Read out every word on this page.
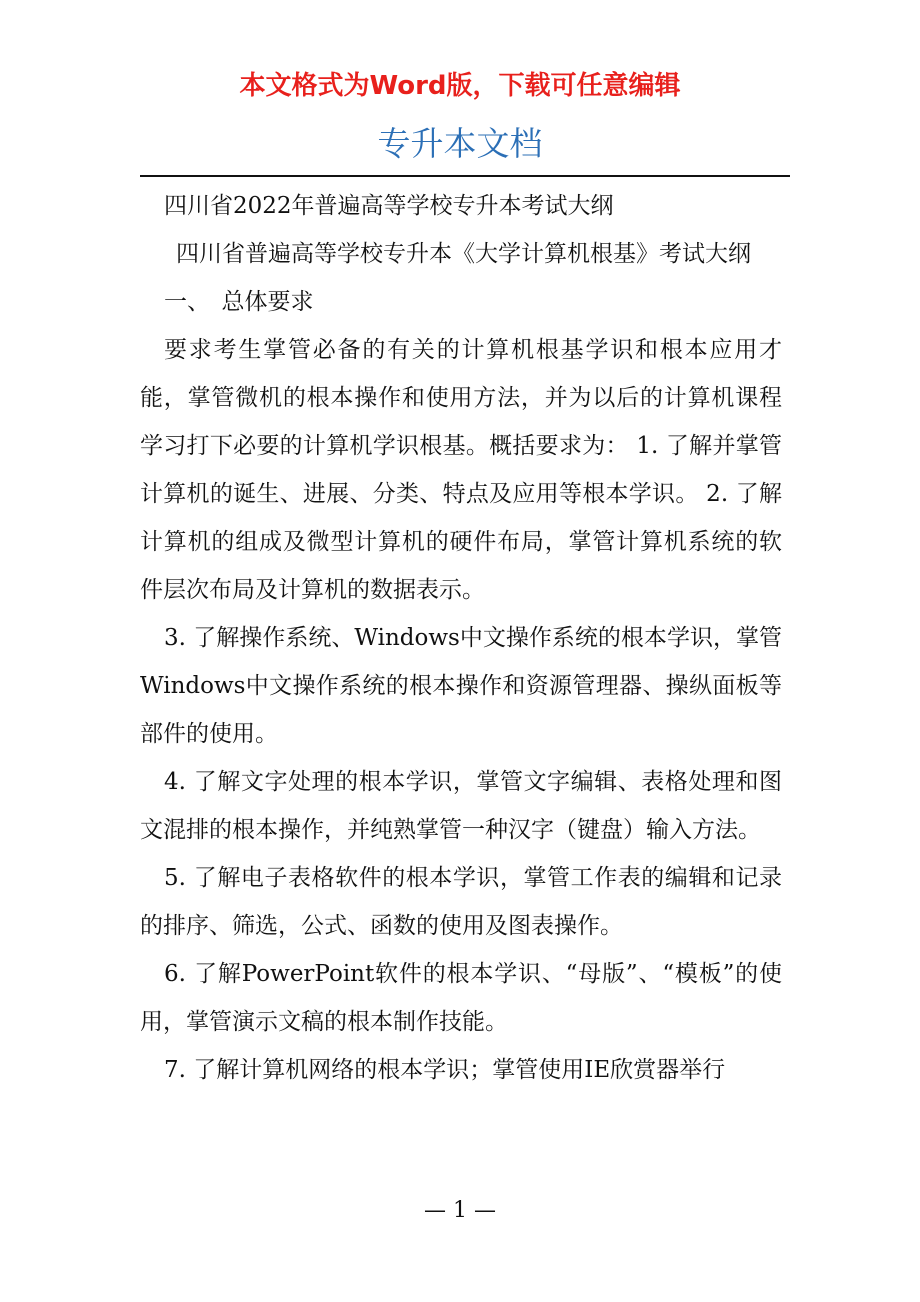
本文格式为Word版，下载可任意编辑
专升本文档

四川省2022年普遍高等学校专升本考试大纲

四川省普遍高等学校专升本《大学计算机根基》考试大纲

一、　总体要求

要求考生掌管必备的有关的计算机根基学识和根本应用才能，掌管微机的根本操作和使用方法，并为以后的计算机课程学习打下必要的计算机学识根基。概括要求为： 1. 了解并掌管计算机的诞生、进展、分类、特点及应用等根本学识。 2. 了解计算机的组成及微型计算机的硬件布局，掌管计算机系统的软件层次布局及计算机的数据表示。

3. 了解操作系统、Windows中文操作系统的根本学识，掌管Windows中文操作系统的根本操作和资源管理器、操纵面板等部件的使用。

4. 了解文字处理的根本学识，掌管文字编辑、表格处理和图文混排的根本操作，并纯熟掌管一种汉字（键盘）输入方法。

5. 了解电子表格软件的根本学识，掌管工作表的编辑和记录的排序、筛选，公式、函数的使用及图表操作。

6. 了解PowerPoint软件的根本学识、“母版”、“模板”的使用，掌管演示文稿的根本制作技能。

7. 了解计算机网络的根本学识；掌管使用IE欣赏器举行

— 1 —
